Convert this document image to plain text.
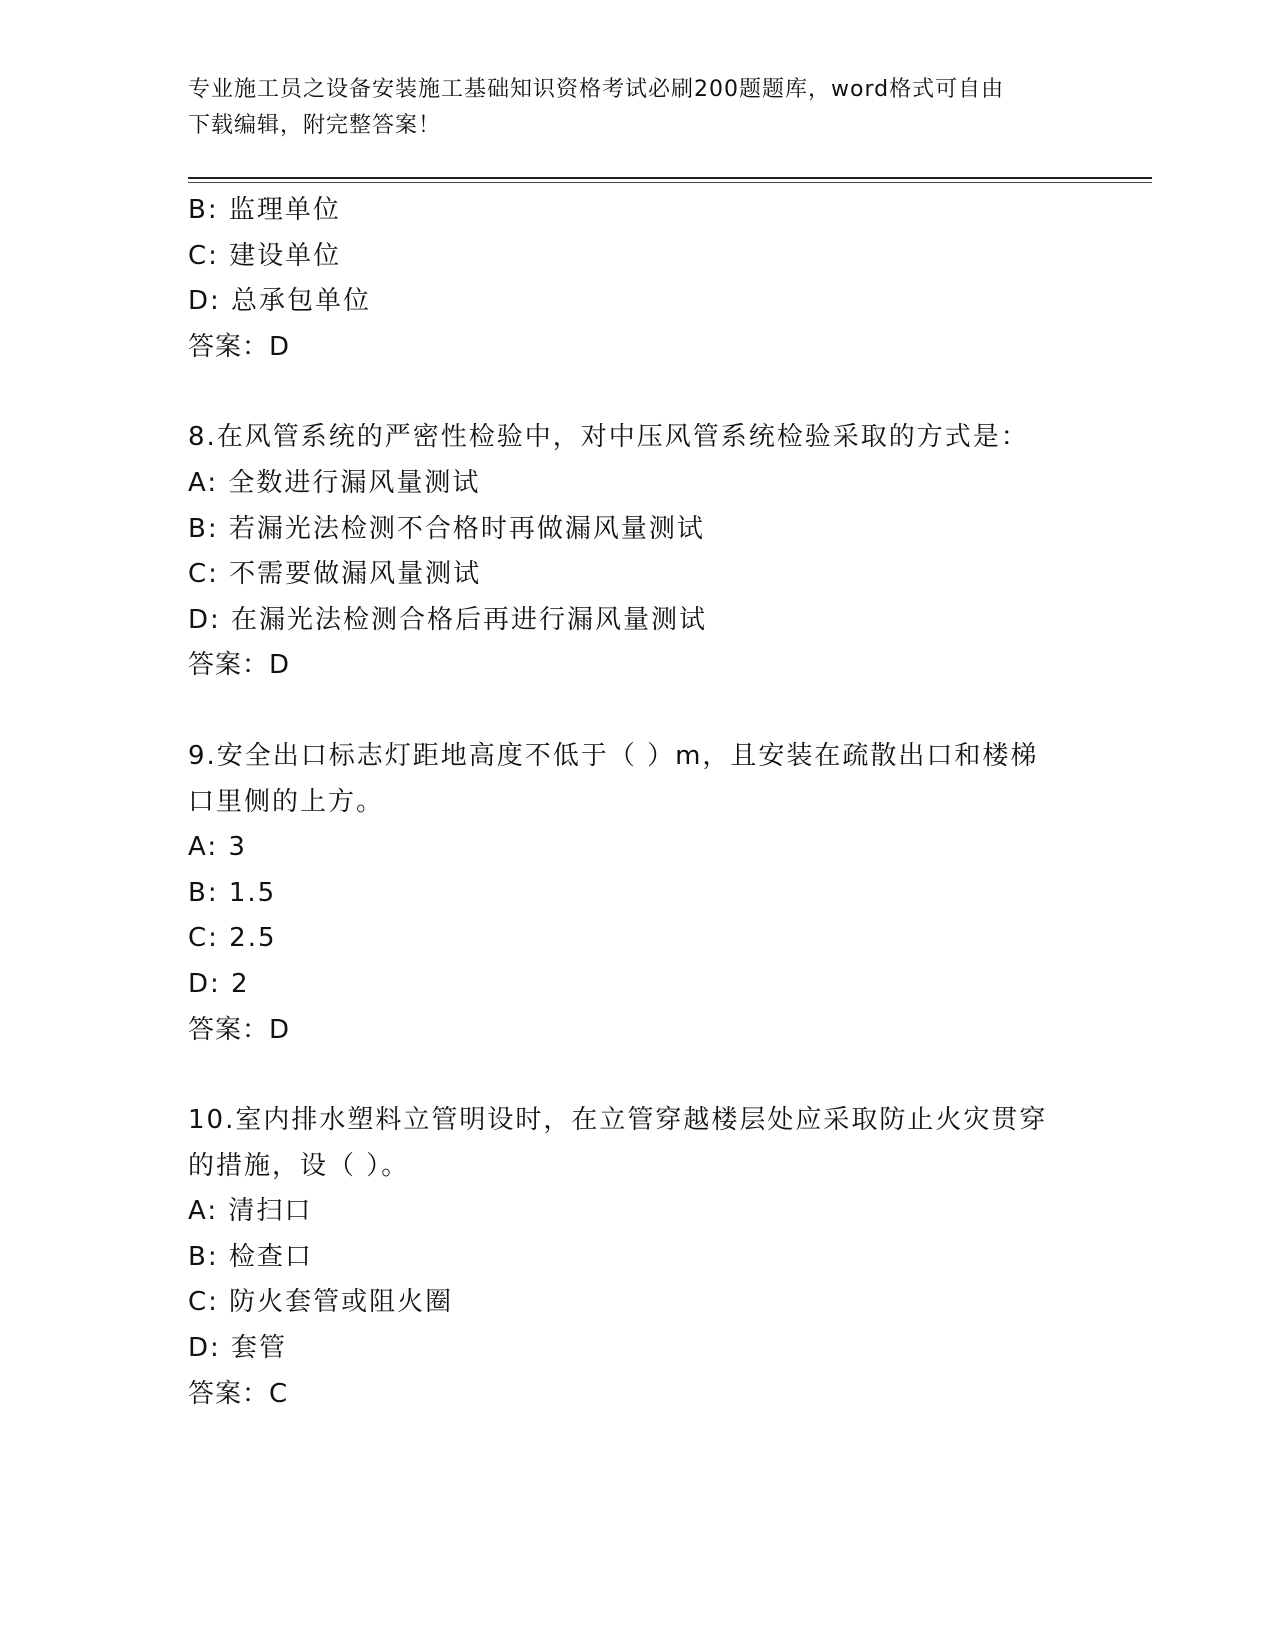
专业施工员之设备安装施工基础知识资格考试必刷200题题库，word格式可自由
下载编辑，附完整答案！
B: 监理单位
C: 建设单位
D: 总承包单位
答案：D
8.在风管系统的严密性检验中，对中压风管系统检验采取的方式是：
A: 全数进行漏风量测试
B: 若漏光法检测不合格时再做漏风量测试
C: 不需要做漏风量测试
D: 在漏光法检测合格后再进行漏风量测试
答案：D
9.安全出口标志灯距地高度不低于（ ）m，且安装在疏散出口和楼梯
口里侧的上方。
A: 3
B: 1.5
C: 2.5
D: 2
答案：D
10.室内排水塑料立管明设时，在立管穿越楼层处应采取防止火灾贯穿
的措施，设（ ）。
A: 清扫口
B: 检查口
C: 防火套管或阻火圈
D: 套管
答案：C
